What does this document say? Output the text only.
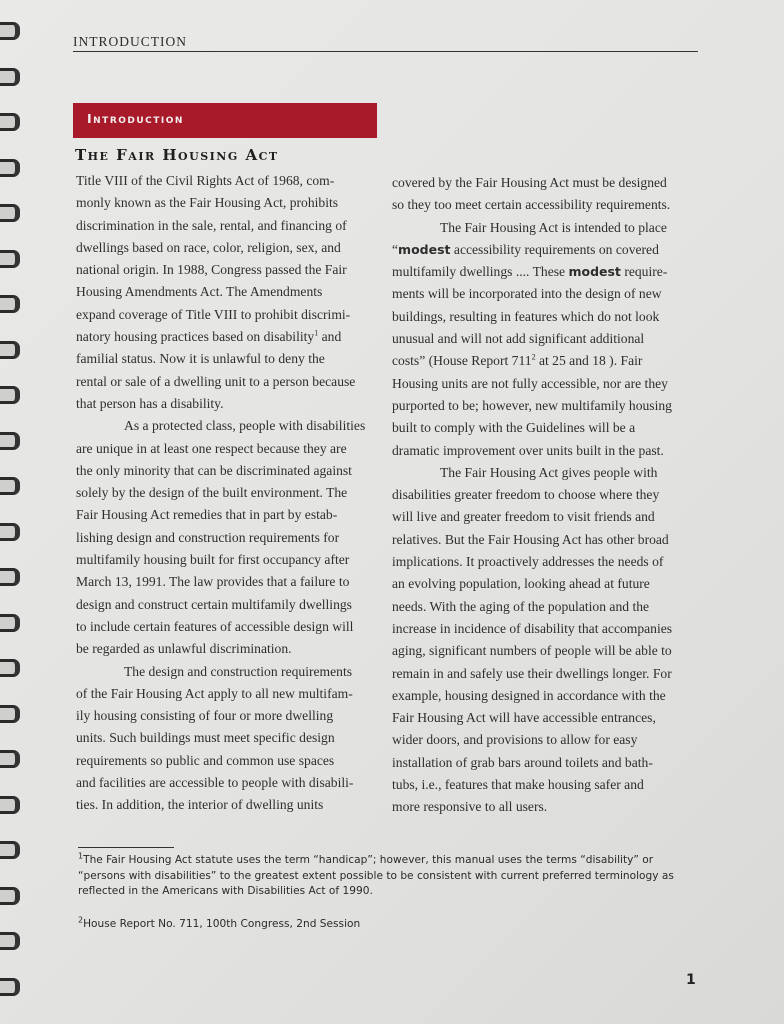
INTRODUCTION
Introduction
The Fair Housing Act
Title VIII of the Civil Rights Act of 1968, com-
monly known as the Fair Housing Act, prohibits
discrimination in the sale, rental, and financing of
dwellings based on race, color, religion, sex, and
national origin. In 1988, Congress passed the Fair
Housing Amendments Act. The Amendments
expand coverage of Title VIII to prohibit discrimi-
natory housing practices based on disability$^1$ and
familial status. Now it is unlawful to deny the
rental or sale of a dwelling unit to a person because
that person has a disability.
As a protected class, people with disabilities
are unique in at least one respect because they are
the only minority that can be discriminated against
solely by the design of the built environment. The
Fair Housing Act remedies that in part by estab-
lishing design and construction requirements for
multifamily housing built for first occupancy after
March 13, 1991. The law provides that a failure to
design and construct certain multifamily dwellings
to include certain features of accessible design will
be regarded as unlawful discrimination.
The design and construction requirements
of the Fair Housing Act apply to all new multifam-
ily housing consisting of four or more dwelling
units. Such buildings must meet specific design
requirements so public and common use spaces
and facilities are accessible to people with disabili-
ties. In addition, the interior of dwelling units
covered by the Fair Housing Act must be designed
so they too meet certain accessibility requirements.
The Fair Housing Act is intended to place
“modest accessibility requirements on covered
multifamily dwellings .... These modest require-
ments will be incorporated into the design of new
buildings, resulting in features which do not look
unusual and will not add significant additional
costs” (House Report $711^2$ at 25 and 18 ). Fair
Housing units are not fully accessible, nor are they
purported to be; however, new multifamily housing
built to comply with the Guidelines will be a
dramatic improvement over units built in the past.
The Fair Housing Act gives people with
disabilities greater freedom to choose where they
will live and greater freedom to visit friends and
relatives. But the Fair Housing Act has other broad
implications. It proactively addresses the needs of
an evolving population, looking ahead at future
needs. With the aging of the population and the
increase in incidence of disability that accompanies
aging, significant numbers of people will be able to
remain in and safely use their dwellings longer. For
example, housing designed in accordance with the
Fair Housing Act will have accessible entrances,
wider doors, and provisions to allow for easy
installation of grab bars around toilets and bath-
tubs, i.e., features that make housing safer and
more responsive to all users.
$^1$The Fair Housing Act statute uses the term “handicap”; however, this manual uses the terms “disability” or “persons with disabilities” to the greatest extent possible to be consistent with current preferred terminology as reflected in the Americans with Disabilities Act of 1990.
$^2$House Report No. 711, 100th Congress, 2nd Session
1
